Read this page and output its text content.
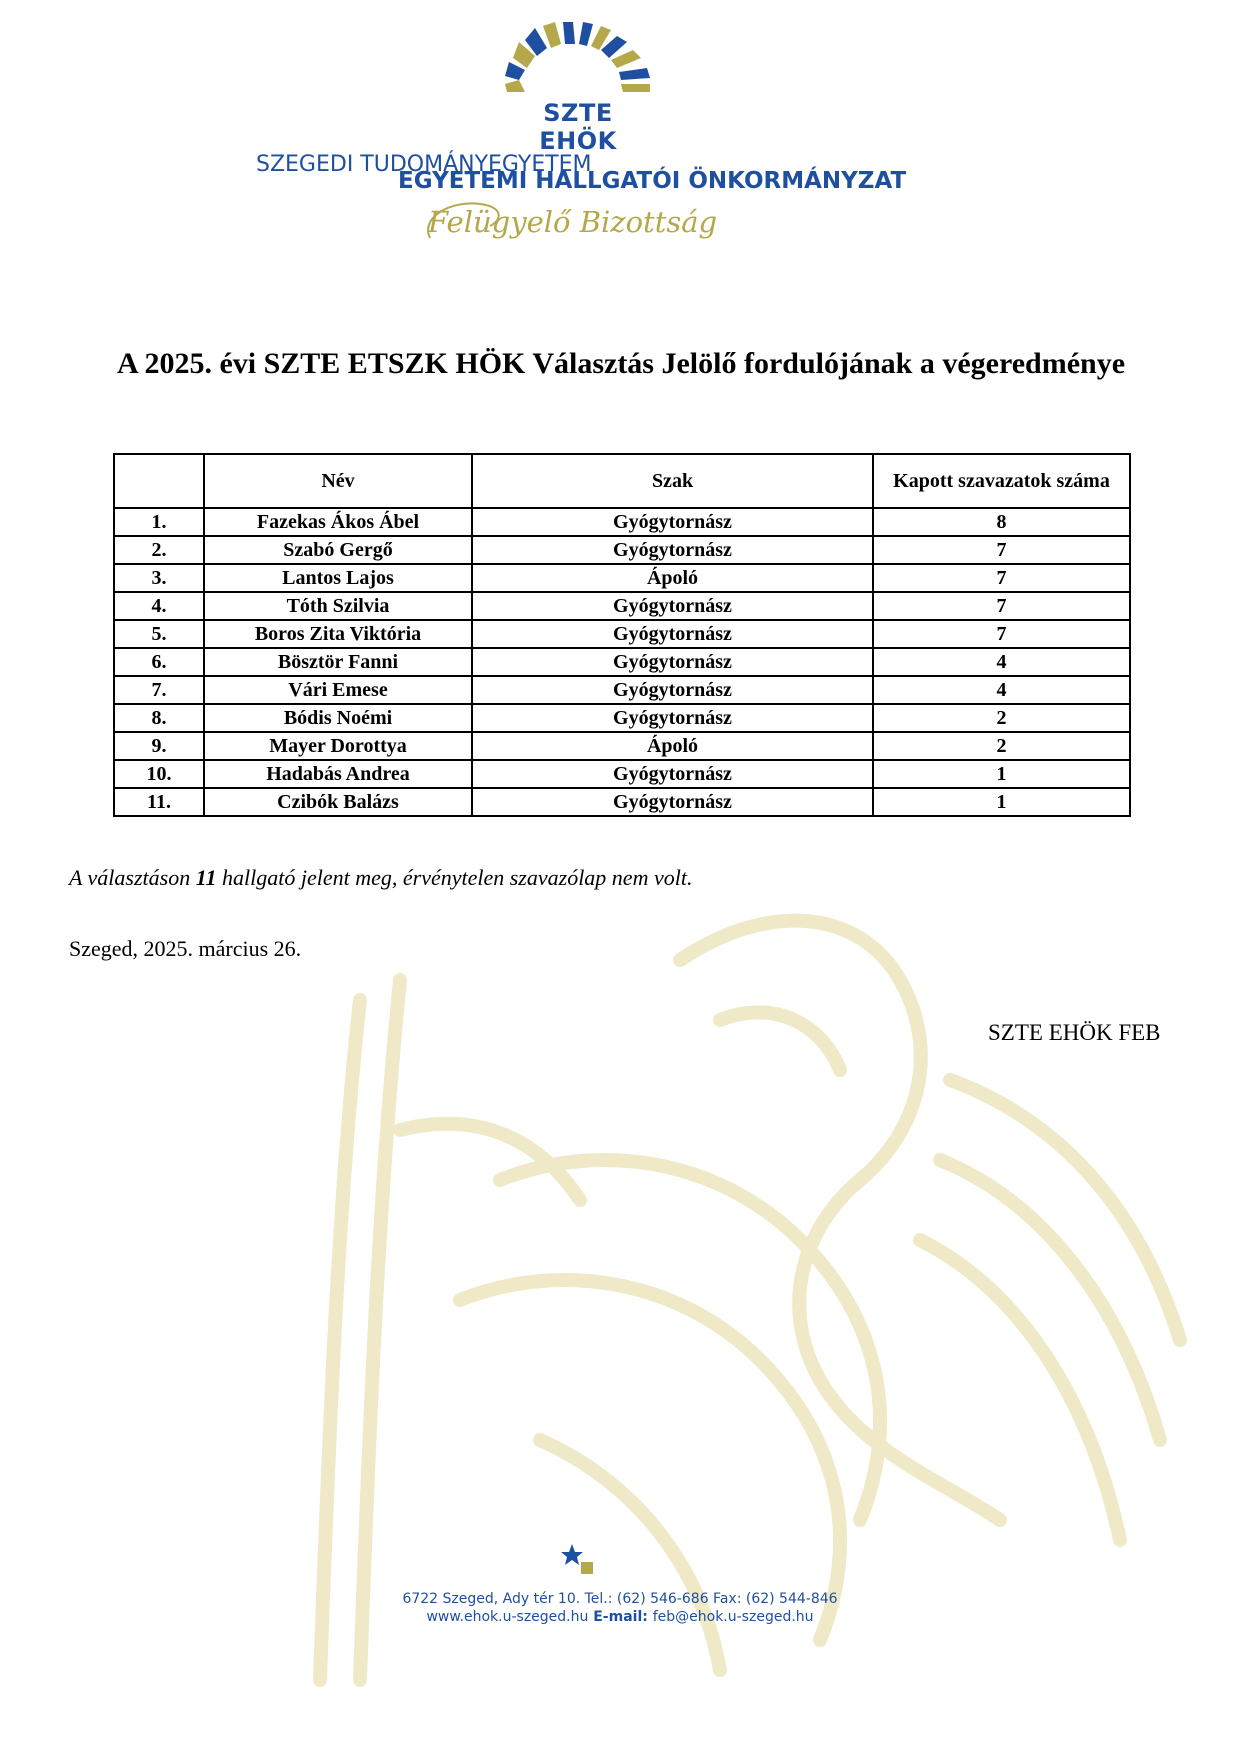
SZTE EHÖK
SZEGEDI TUDOMÁNYEGYETEM
EGYETEMI HALLGATÓI ÖNKORMÁNYZAT
Felügyelő Bizottság
A 2025. évi SZTE ETSZK HÖK Választás Jelölő fordulójának a végeredménye
	Név	Szak	Kapott szavazatok száma
1.	Fazekas Ákos Ábel	Gyógytornász	8
2.	Szabó Gergő	Gyógytornász	7
3.	Lantos Lajos	Ápoló	7
4.	Tóth Szilvia	Gyógytornász	7
5.	Boros Zita Viktória	Gyógytornász	7
6.	Bösztör Fanni	Gyógytornász	4
7.	Vári Emese	Gyógytornász	4
8.	Bódis Noémi	Gyógytornász	2
9.	Mayer Dorottya	Ápoló	2
10.	Hadabás Andrea	Gyógytornász	1
11.	Czibók Balázs	Gyógytornász	1
A választáson 11 hallgató jelent meg, érvénytelen szavazólap nem volt.
Szeged, 2025. március 26.
SZTE EHÖK FEB
6722 Szeged, Ady tér 10. Tel.: (62) 546-686 Fax: (62) 544-846
www.ehok.u-szeged.hu E-mail: feb@ehok.u-szeged.hu
